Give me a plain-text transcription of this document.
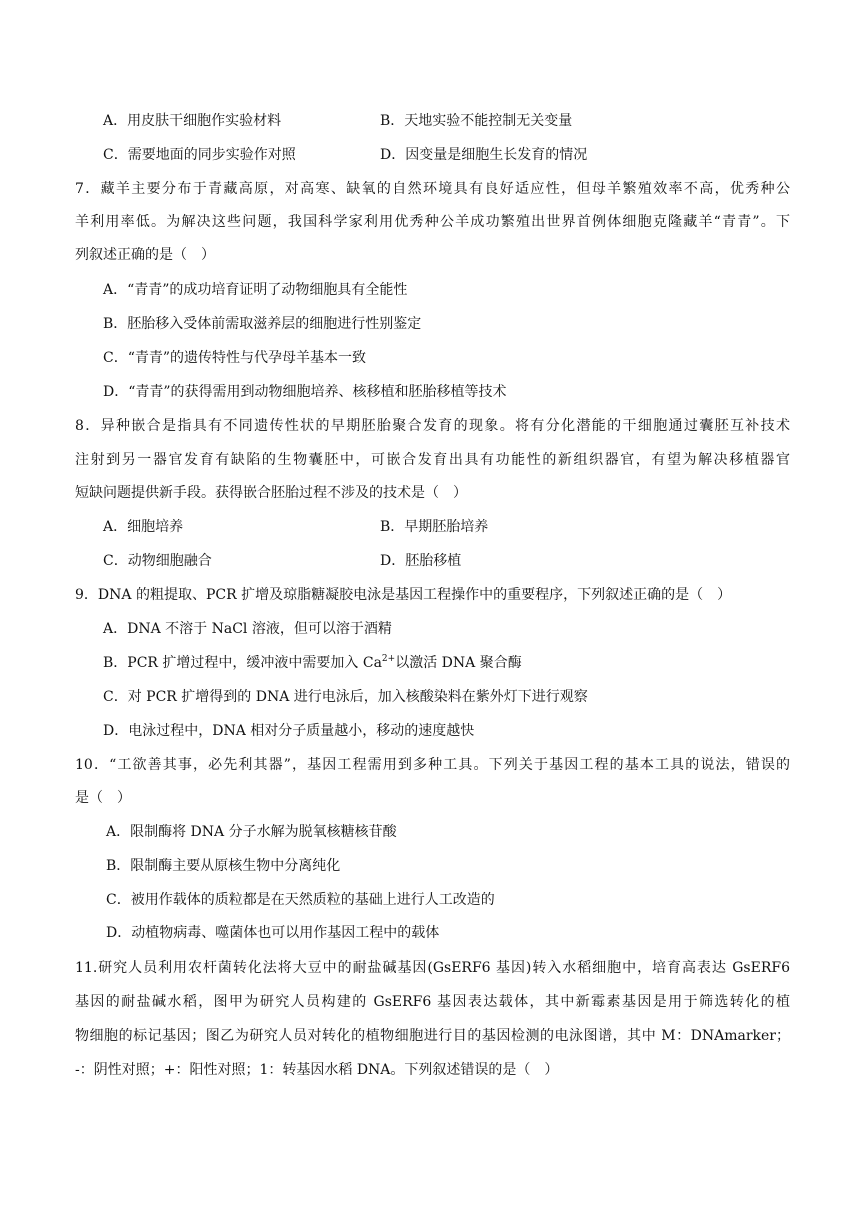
A．用皮肤干细胞作实验材料	B．天地实验不能控制无关变量
C．需要地面的同步实验作对照	D．因变量是细胞生长发育的情况
7．藏羊主要分布于青藏高原，对高寒、缺氧的自然环境具有良好适应性，但母羊繁殖效率不高，优秀种公
羊利用率低。为解决这些问题，我国科学家利用优秀种公羊成功繁殖出世界首例体细胞克隆藏羊“青青”。下
列叙述正确的是（　）
A．“青青”的成功培育证明了动物细胞具有全能性
B．胚胎移入受体前需取滋养层的细胞进行性别鉴定
C．“青青”的遗传特性与代孕母羊基本一致
D．“青青”的获得需用到动物细胞培养、核移植和胚胎移植等技术
8．异种嵌合是指具有不同遗传性状的早期胚胎聚合发育的现象。将有分化潜能的干细胞通过囊胚互补技术
注射到另一器官发育有缺陷的生物囊胚中，可嵌合发育出具有功能性的新组织器官，有望为解决移植器官
短缺问题提供新手段。获得嵌合胚胎过程不涉及的技术是（　）
A．细胞培养	B．早期胚胎培养
C．动物细胞融合	D．胚胎移植
9．DNA 的粗提取、PCR 扩增及琼脂糖凝胶电泳是基因工程操作中的重要程序，下列叙述正确的是（　）
A．DNA 不溶于 NaCl 溶液，但可以溶于酒精
B．PCR 扩增过程中，缓冲液中需要加入 $Ca^{2+}$以激活 DNA 聚合酶
C．对 PCR 扩增得到的 DNA 进行电泳后，加入核酸染料在紫外灯下进行观察
D．电泳过程中，DNA 相对分子质量越小，移动的速度越快
10．“工欲善其事，必先利其器”，基因工程需用到多种工具。下列关于基因工程的基本工具的说法，错误的
是（　）
A．限制酶将 DNA 分子水解为脱氧核糖核苷酸
B．限制酶主要从原核生物中分离纯化
C．被用作载体的质粒都是在天然质粒的基础上进行人工改造的
D．动植物病毒、噬菌体也可以用作基因工程中的载体
11.研究人员利用农杆菌转化法将大豆中的耐盐碱基因(GsERF6 基因)转入水稻细胞中，培育高表达 GsERF6
基因的耐盐碱水稻，图甲为研究人员构建的 GsERF6 基因表达载体，其中新霉素基因是用于筛选转化的植
物细胞的标记基因；图乙为研究人员对转化的植物细胞进行目的基因检测的电泳图谱，其中 M：DNAmarker；
-：阴性对照；+：阳性对照；1：转基因水稻 DNA。下列叙述错误的是（　）
